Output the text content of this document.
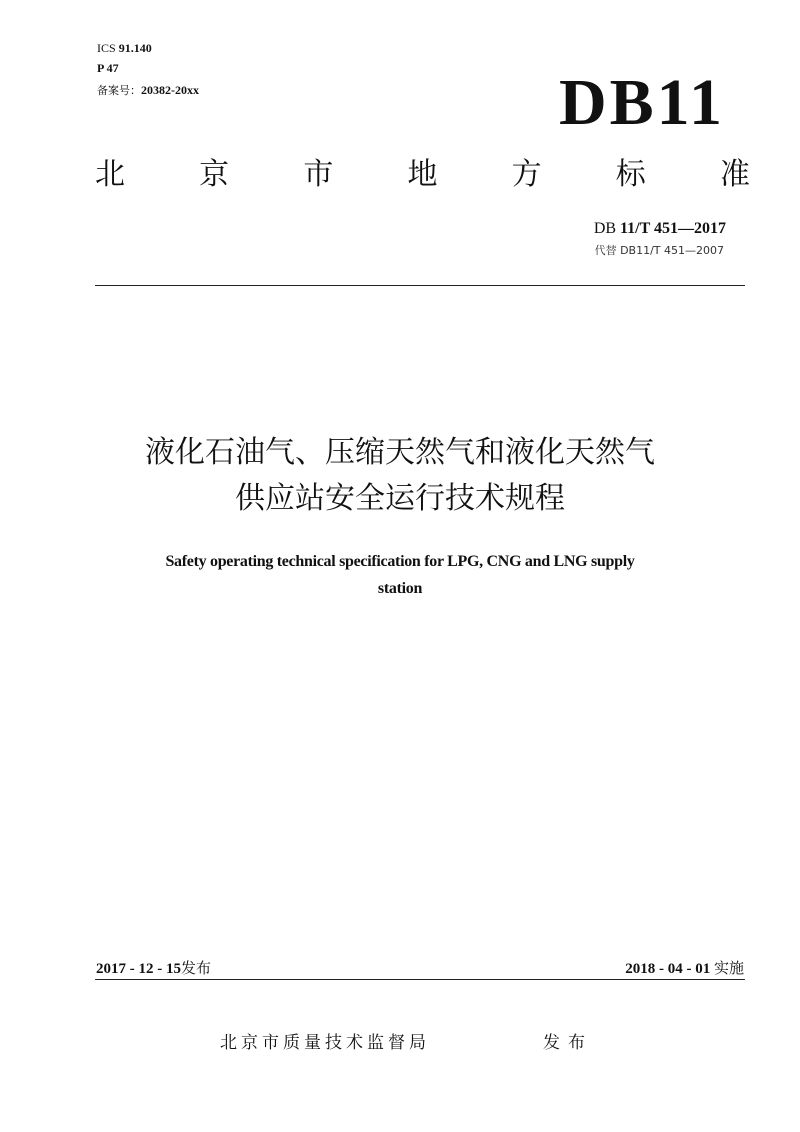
ICS 91.140
P 47
备案号：20382-20xx	DB11
北 京 市 地 方 标 准
DB 11/T 451—2017
代替 DB11/T 451—2007
液化石油气、压缩天然气和液化天然气
供应站安全运行技术规程
Safety operating technical specification for LPG, CNG and LNG supply
station
2017 - 12 - 15发布	2018 - 04 - 01 实施
北京市质量技术监督局	发布
